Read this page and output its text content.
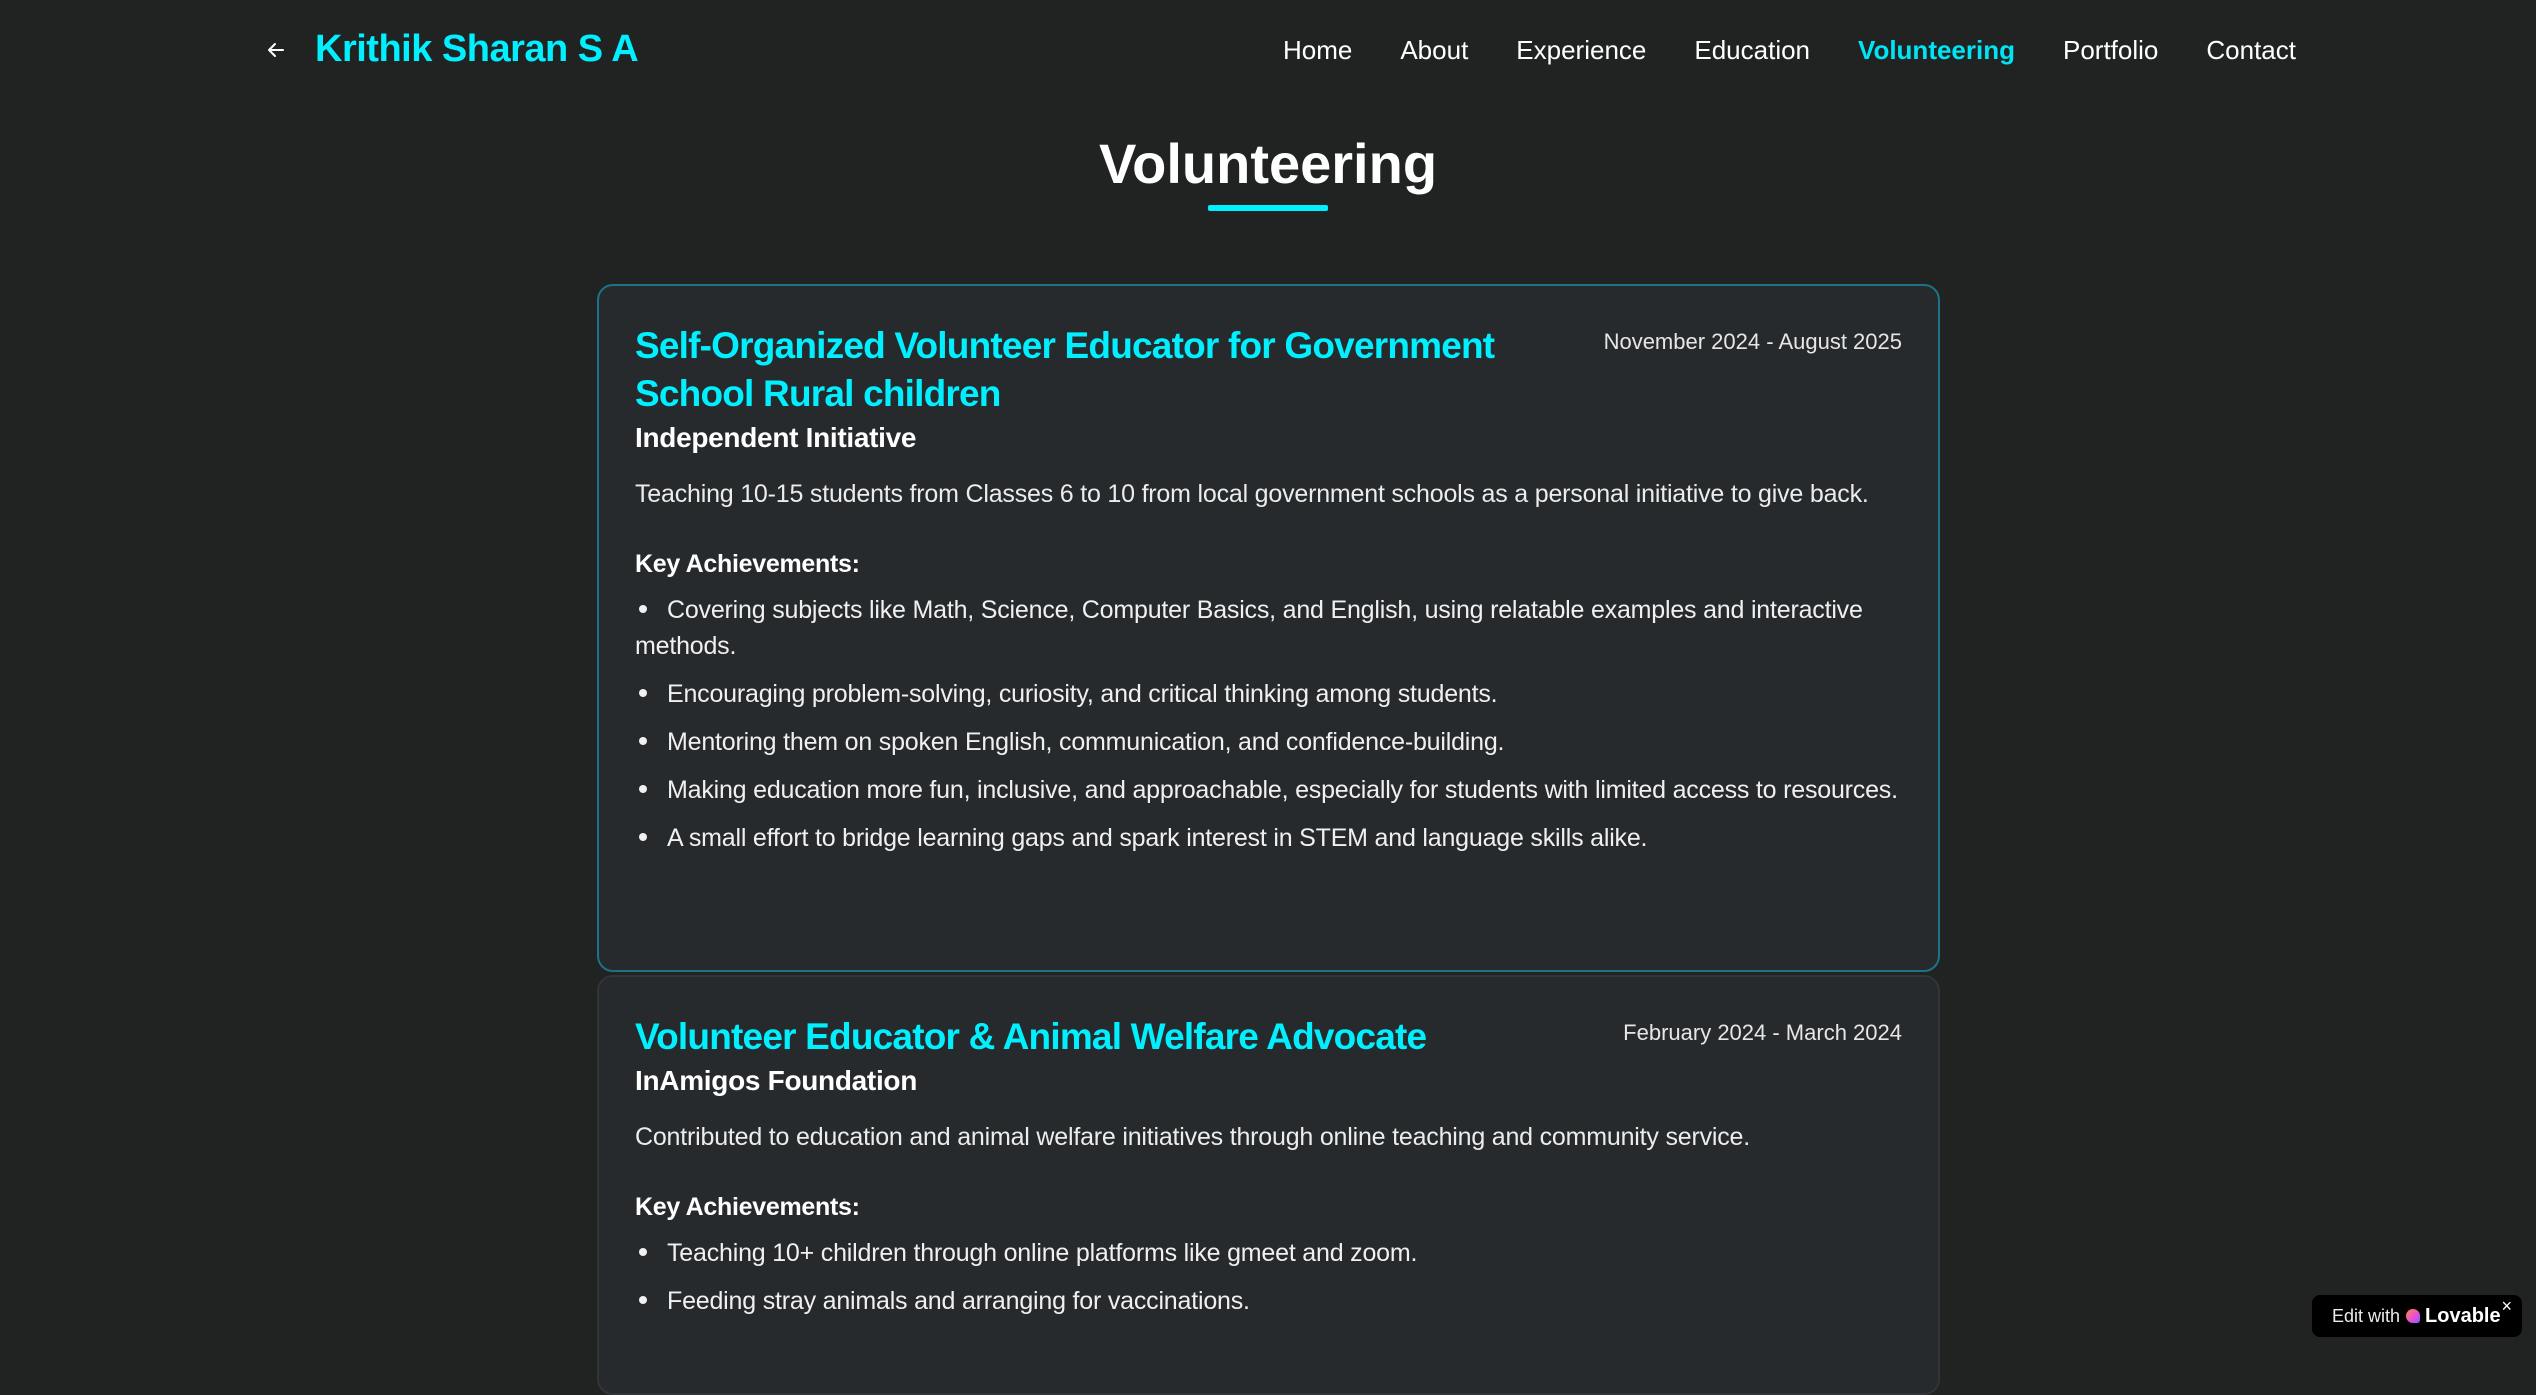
Krithik Sharan S A	Home About Experience Education Volunteering Portfolio Contact
Volunteering
Self-Organized Volunteer Educator for Government School Rural children
November 2024 - August 2025
Independent Initiative
Teaching 10-15 students from Classes 6 to 10 from local government schools as a personal initiative to give back.
Key Achievements:
Covering subjects like Math, Science, Computer Basics, and English, using relatable examples and interactive methods.
Encouraging problem-solving, curiosity, and critical thinking among students.
Mentoring them on spoken English, communication, and confidence-building.
Making education more fun, inclusive, and approachable, especially for students with limited access to resources.
A small effort to bridge learning gaps and spark interest in STEM and language skills alike.
Volunteer Educator & Animal Welfare Advocate	February 2024 - March 2024
InAmigos Foundation
Contributed to education and animal welfare initiatives through online teaching and community service.
Key Achievements:
Teaching 10+ children through online platforms like gmeet and zoom.
Feeding stray animals and arranging for vaccinations.
Edit with Lovable ×
